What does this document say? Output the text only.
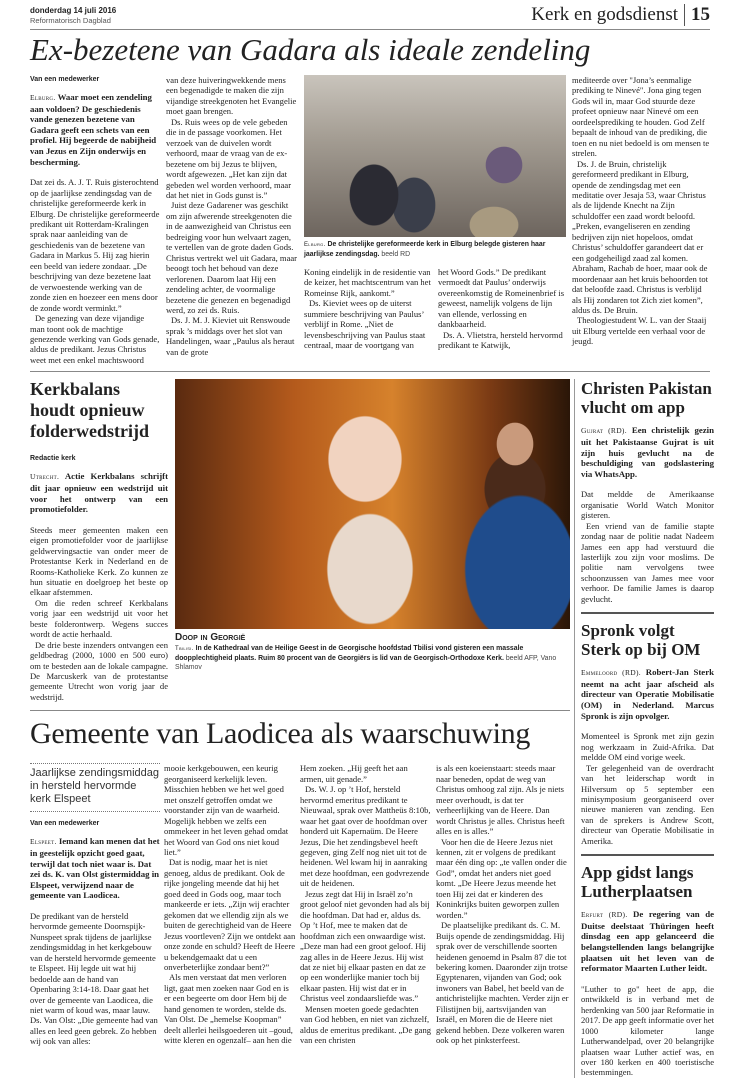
donderdag 14 juli 2016
Reformatorisch Dagblad	Kerk en godsdienst 15
Ex-bezetene van Gadara als ideale zendeling
Van een medewerker
Elburg. Waar moet een zendeling aan voldoen? De geschiedenis vande genezen bezetene van Gadara geeft een schets van een profiel. Hij begeerde de nabijheid van Jezus en Zijn onderwijs en bescherming.

Dat zei ds. A. J. T. Ruis gisterochtend op de jaarlijkse zendingsdag van de christelijke gereformeerde kerk in Elburg. De christelijke gereformeerde predikant uit Rotterdam-Kralingen sprak naar aanleiding van de geschiedenis van de bezetene van Gadara in Markus 5. Hij zag hierin een beeld van iedere zondaar. „De beschrijving van deze bezetene laat de verwoestende werking van de zonde zien en hoezeer een mens door de zonde wordt verminkt.”

De genezing van deze vijandige man toont ook de machtige genezende werking van Gods genade, aldus de predikant. Jezus Christus weet met een enkel machtswoord

van deze huiveringwekkende mens een begenadigde te maken die zijn vijandige streekgenoten het Evangelie moet gaan brengen.

Ds. Ruis wees op de vele gebeden die in de passage voorkomen. Het verzoek van de duivelen wordt verhoord, maar de vraag van de ex-bezetene om bij Jezus te blijven, wordt afgewezen. „Het kan zijn dat gebeden wel worden verhoord, maar dat het niet in Gods gunst is.”

Juist deze Gadarener was geschikt om zijn afwerende streekgenoten die in de aanwezigheid van Christus een bedreiging voor hun welvaart zagen, te vertellen van de grote daden Gods. Christus vertrekt wel uit Gadara, maar beoogt toch het behoud van deze verlorenen. Daarom laat Hij een zendeling achter, de voormalige bezetene die genezen en begenadigd werd, zo zei ds. Ruis.

Ds. J. M. J. Kieviet uit Renswoude sprak ’s middags over het slot van Handelingen, waar „Paulus als heraut van de grote

Elburg. De christelijke gereformeerde kerk in Elburg belegde gisteren haar jaarlijkse zendingsdag. beeld RD

Koning eindelijk in de residentie van de keizer, het machtscentrum van het Romeinse Rijk, aankomt.”

Ds. Kieviet wees op de uiterst summiere beschrijving van Paulus’ verblijf in Rome. „Niet de levensbeschrijving van Paulus staat centraal, maar de voortgang van

het Woord Gods.” De predikant vermoedt dat Paulus’ onderwijs overeenkomstig de Romeinenbrief is geweest, namelijk volgens de lijn van ellende, verlossing en dankbaarheid.

Ds. A. Vlietstra, hersteld hervormd predikant te Katwijk,

mediteerde over "Jona’s eenmalige prediking te Ninevé". Jona ging tegen Gods wil in, maar God stuurde deze profeet opnieuw naar Ninevé om een oordeelsprediking te houden. God Zelf bepaalt de inhoud van de prediking, die toen en nu niet bedoeld is om mensen te strelen.

Ds. J. de Bruin, christelijk gereformeerd predikant in Elburg, opende de zendingsdag met een meditatie over Jesaja 53, waar Christus als de lijdende Knecht na Zijn schuldoffer een zaad wordt beloofd. „Preken, evangeliseren en zending bedrijven zijn niet hopeloos, omdat Christus’ schuldoffer garandeert dat er een godgeheiligd zaad zal komen. Abraham, Rachab de hoer, maar ook de moordenaar aan het kruis behoorden tot dat beloofde zaad. Christus is verblijd als Hij zondaren tot Zich ziet komen”, aldus ds. De Bruin.

Theologiestudent W. L. van der Staaij uit Elburg vertelde een verhaal voor de jeugd.

Kerkbalans houdt opnieuw folderwedstrijd
Redactie kerk
Utrecht. Actie Kerkbalans schrijft dit jaar opnieuw een wedstrijd uit voor het ontwerp van een promotiefolder.

Steeds meer gemeenten maken een eigen promotiefolder voor de jaarlijkse geldwervingsactie van onder meer de Protestantse Kerk in Nederland en de Rooms-Katholieke Kerk. Zo kunnen ze hun situatie en doelgroep het beste op elkaar afstemmen.

Om die reden schreef Kerkbalans vorig jaar een wedstrijd uit voor het beste folderontwerp. Wegens succes wordt de actie herhaald.

De drie beste inzenders ontvangen een geldbedrag (2000, 1000 en 500 euro) om te besteden aan de lokale campagne. De Marcuskerk van de protestantse gemeente Utrecht won vorig jaar de wedstrijd.

Doop in Georgië
Tbilisi. In de Kathedraal van de Heilige Geest in de Georgische hoofdstad Tbilisi vond gisteren een massale doopplechtigheid plaats. Ruim 80 procent van de Georgiërs is lid van de Georgisch-Orthodoxe Kerk. beeld AFP, Vano Shlamov
Gemeente van Laodicea als waarschuwing
Jaarlijkse zendingsmiddag in hersteld hervormde kerk Elspeet
Van een medewerker
Elspeet. Iemand kan menen dat het in geestelijk opzicht goed gaat, terwijl dat toch niet waar is. Dat zei ds. K. van Olst gistermiddag in Elspeet, verwijzend naar de gemeente van Laodicea.

De predikant van de hersteld hervormde gemeente Doornspijk-Nunspeet sprak tijdens de jaarlijkse zendingsmiddag in het kerkgebouw van de hersteld hervormde gemeente te Elspeet. Hij legde uit wat hij bedoelde aan de hand van Openbaring 3:14-18. Daar gaat het over de gemeente van Laodicea, die niet warm of koud was, maar lauw. Ds. Van Olst: „Die gemeente had van alles en leed geen gebrek. Zo hebben wij ook van alles:

mooie kerkgebouwen, een keurig georganiseerd kerkelijk leven. Misschien hebben we het wel goed met onszelf getroffen omdat we voorstander zijn van de waarheid. Mogelijk hebben we zelfs een ommekeer in het leven gehad omdat het Woord van God ons niet koud liet.”

Dat is nodig, maar het is niet genoeg, aldus de predikant. Ook de rijke jongeling meende dat hij het goed deed in Gods oog, maar toch mankeerde er iets. „Zijn wij erachter gekomen dat we ellendig zijn als we buiten de gerechtigheid van de Heere Jezus voortleven? Zijn we ontdekt aan onze zonde en schuld? Heeft de Heere u bekendgemaakt dat u een onverbeterlijke zondaar bent?”

Als men verstaat dat men verloren ligt, gaat men zoeken naar God en is er een begeerte om door Hem bij de hand genomen te worden, stelde ds. Van Olst. De „hemelse Koopman” deelt allerlei heilsgoederen uit –goud, witte kleren en ogenzalf– aan hen die

Hem zoeken. „Hij geeft het aan armen, uit genade.”

Ds. W. J. op ’t Hof, hersteld hervormd emeritus predikant te Nieuwaal, sprak over Mattheüs 8:10b, waar het gaat over de hoofdman over honderd uit Kapernaüm. De Heere Jezus, Die het zendingsbevel heeft gegeven, ging Zelf nog niet uit tot de heidenen. Wel kwam hij in aanraking met deze hoofdman, een godvrezende uit de heidenen.

Jezus zegt dat Hij in Israël zo’n groot geloof niet gevonden had als bij die hoofdman. Dat had er, aldus ds. Op ’t Hof, mee te maken dat de hoofdman zich een onwaardige wist. „Deze man had een groot geloof. Hij zag alles in de Heere Jezus. Hij wist dat ze niet bij elkaar pasten en dat ze op een wonderlijke manier toch bij elkaar pasten. Hij wist dat er in Christus veel zondaarsliefde was.”

Mensen moeten goede gedachten van God hebben, en niet van zichzelf, aldus de emeritus predikant. „De gang van een christen

is als een koeienstaart: steeds maar naar beneden, opdat de weg van Christus omhoog zal zijn. Als je niets meer overhoudt, is dat ter verheerlijking van de Heere. Dan wordt Christus je alles. Christus heeft alles en is alles.”

Voor hen die de Heere Jezus niet kennen, zit er volgens de predikant maar één ding op: „te vallen onder die God”, omdat het anders niet goed komt. „De Heere Jezus meende het toen Hij zei dat er kinderen des Koninkrijks buiten geworpen zullen worden.”

De plaatselijke predikant ds. C. M. Buijs opende de zendingsmiddag. Hij sprak over de verschillende soorten heidenen genoemd in Psalm 87 die tot bekering komen. Daaronder zijn trotse Egyptenaren, vijanden van God; ook inwoners van Babel, het beeld van de antichristelijke machten. Verder zijn er Filistijnen bij, aartsvijanden van Israël, en Moren die de Heere niet gekend hebben. Deze volkeren waren ook op het pinksterfeest.

Christen Pakistan vlucht om app
Gujrat (RD). Een christelijk gezin uit het Pakistaanse Gujrat is uit zijn huis gevlucht na de beschuldiging van godslastering via WhatsApp.

Dat meldde de Amerikaanse organisatie World Watch Monitor gisteren.

Een vriend van de familie stapte zondag naar de politie nadat Nadeem James een app had verstuurd die lasterlijk zou zijn voor moslims. De politie nam vervolgens twee schoonzussen van James mee voor verhoor. De familie James is daarop gevlucht.

Spronk volgt Sterk op bij OM
Emmeloord (RD). Robert-Jan Sterk neemt na acht jaar afscheid als directeur van Operatie Mobilisatie (OM) in Nederland. Marcus Spronk is zijn opvolger.

Momenteel is Spronk met zijn gezin nog werkzaam in Zuid-Afrika. Dat meldde OM eind vorige week.

Ter gelegenheid van de overdracht van het leiderschap wordt in Hilversum op 5 september een minisymposium georganiseerd over nieuwe manieren van zending. Een van de sprekers is Andrew Scott, directeur van Operatie Mobilisatie in Amerika.

App gidst langs Lutherplaatsen
Erfurt (RD). De regering van de Duitse deelstaat Thüringen heeft dinsdag een app gelanceerd die belangstellenden langs belangrijke plaatsen uit het leven van de reformator Maarten Luther leidt.

"Luther to go" heet de app, die ontwikkeld is in verband met de herdenking van 500 jaar Reformatie in 2017. De app geeft informatie over het 1000 kilometer lange Lutherwandelpad, over 20 belangrijke plaatsen waar Luther actief was, en over 180 kerken en 400 toeristische bestemmingen.
